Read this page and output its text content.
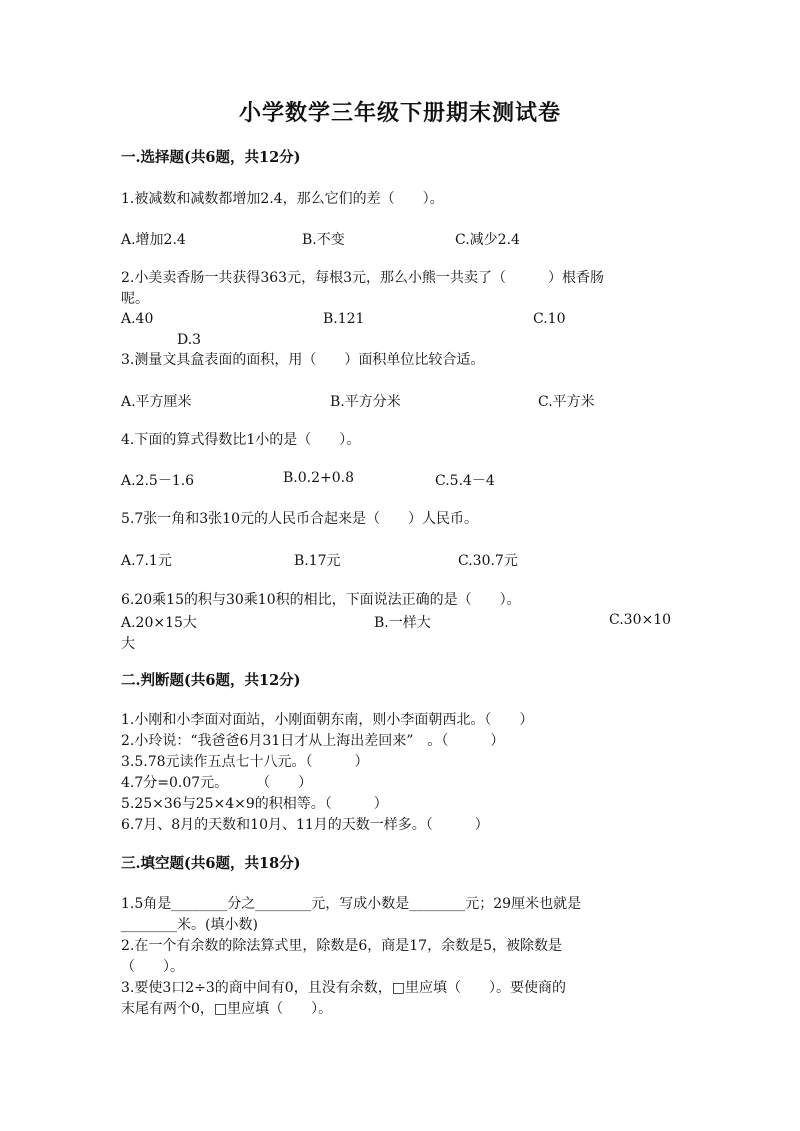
小学数学三年级下册期末测试卷
一.选择题(共6题，共12分)
1.被减数和减数都增加2.4，那么它们的差（　　）。
A.增加2.4	B.不变	C.减少2.4
2.小美卖香肠一共获得363元，每根3元，那么小熊一共卖了（　　　）根香肠
呢。
A.40	B.121	C.10
D.3
3.测量文具盒表面的面积，用（　　）面积单位比较合适。
A.平方厘米	B.平方分米	C.平方米
4.下面的算式得数比1小的是（　　）。
A.2.5－1.6	B.0.2+0.8	C.5.4－4
5.7张一角和3张10元的人民币合起来是（　　）人民币。
A.7.1元	B.17元	C.30.7元
6.20乘15的积与30乘10积的相比，下面说法正确的是（　　）。
A.20×15大	B.一样大	C.30×10
大
二.判断题(共6题，共12分)
1.小刚和小李面对面站，小刚面朝东南，则小李面朝西北。（　　）
2.小玲说：“我爸爸6月31日才从上海出差回来”　。（　　　）
3.5.78元读作五点七十八元。（　　　）
4.7分=0.07元。　　　（　　）
5.25×36与25×4×9的积相等。（　　　）
6.7月、8月的天数和10月、11月的天数一样多。（　　　）
三.填空题(共6题，共18分)
1.5角是________分之________元，写成小数是________元；29厘米也就是
________米。(填小数)
2.在一个有余数的除法算式里，除数是6，商是17，余数是5，被除数是
（　　）。
3.要使3口2÷3的商中间有0，且没有余数，□里应填（　　）。要使商的
末尾有两个0，□里应填（　　）。
